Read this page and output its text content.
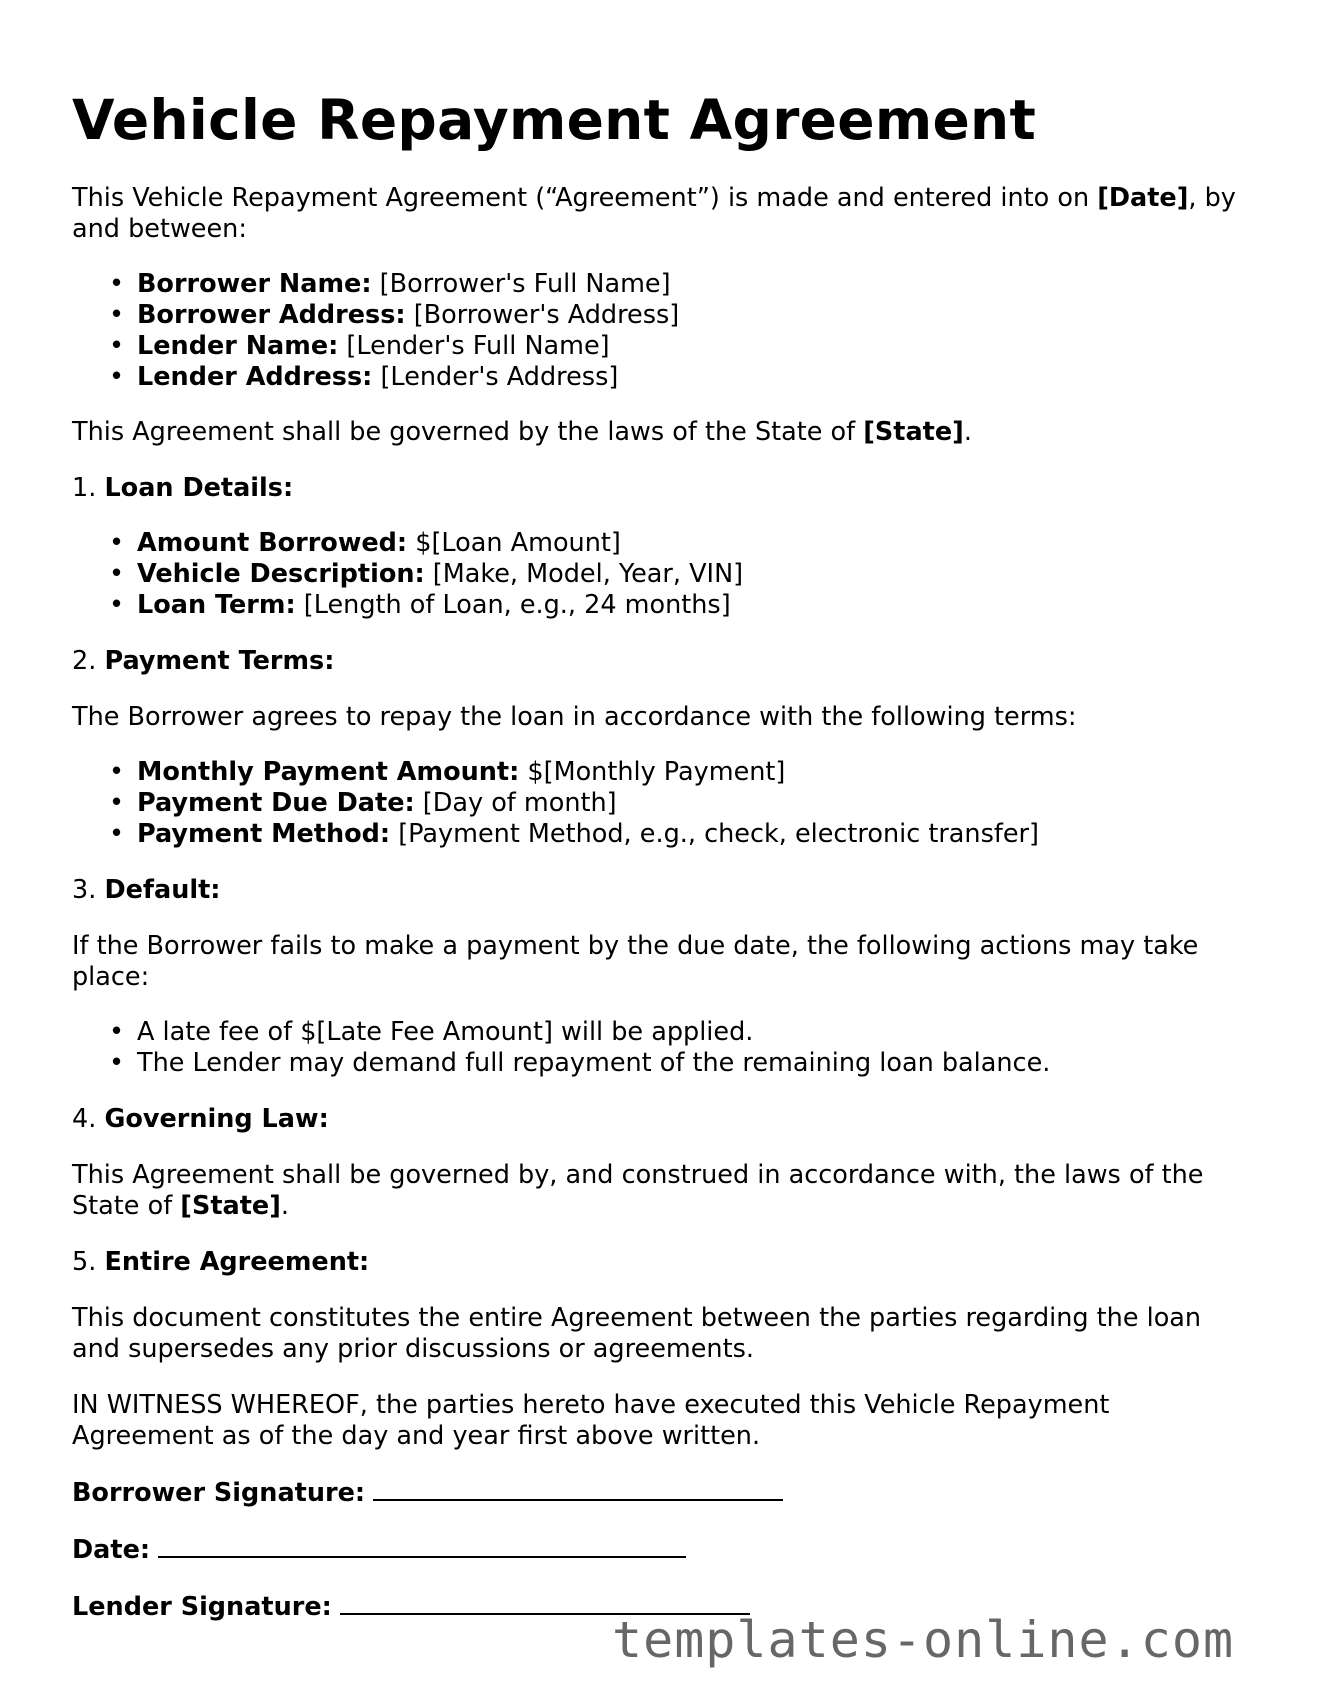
Vehicle Repayment Agreement

This Vehicle Repayment Agreement (“Agreement”) is made and entered into on [Date], by and between:

• Borrower Name: [Borrower's Full Name]
• Borrower Address: [Borrower's Address]
• Lender Name: [Lender's Full Name]
• Lender Address: [Lender's Address]

This Agreement shall be governed by the laws of the State of [State].

1. Loan Details:

• Amount Borrowed: $[Loan Amount]
• Vehicle Description: [Make, Model, Year, VIN]
• Loan Term: [Length of Loan, e.g., 24 months]

2. Payment Terms:

The Borrower agrees to repay the loan in accordance with the following terms:

• Monthly Payment Amount: $[Monthly Payment]
• Payment Due Date: [Day of month]
• Payment Method: [Payment Method, e.g., check, electronic transfer]

3. Default:

If the Borrower fails to make a payment by the due date, the following actions may take place:

• A late fee of $[Late Fee Amount] will be applied.
• The Lender may demand full repayment of the remaining loan balance.

4. Governing Law:

This Agreement shall be governed by, and construed in accordance with, the laws of the State of [State].

5. Entire Agreement:

This document constitutes the entire Agreement between the parties regarding the loan and supersedes any prior discussions or agreements.

IN WITNESS WHEREOF, the parties hereto have executed this Vehicle Repayment Agreement as of the day and year first above written.

Borrower Signature:
Date:
Lender Signature:
templates-online.com
